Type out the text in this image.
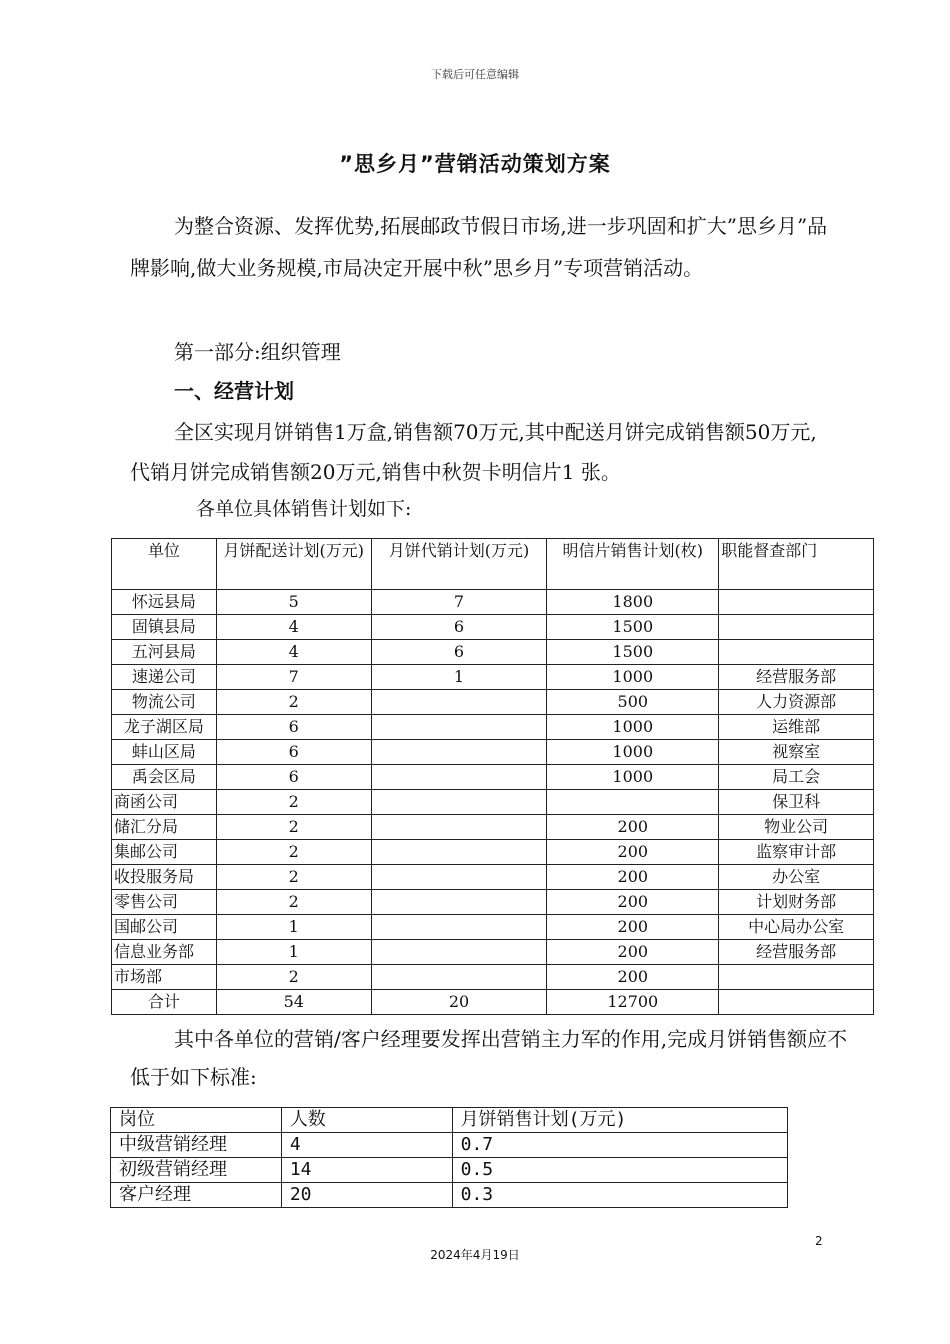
下载后可任意编辑
”思乡月”营销活动策划方案
为整合资源、发挥优势,拓展邮政节假日市场,进一步巩固和扩大”思乡月”品牌影响,做大业务规模,市局决定开展中秋”思乡月”专项营销活动。
第一部分:组织管理
一、经营计划
全区实现月饼销售1万盒,销售额70万元,其中配送月饼完成销售额50万元,代销月饼完成销售额20万元,销售中秋贺卡明信片1 张。
各单位具体销售计划如下:
单位	月饼配送计划(万元)	月饼代销计划(万元)	明信片销售计划(枚)	职能督查部门
怀远县局	5	7	1800	
固镇县局	4	6	1500	
五河县局	4	6	1500	
速递公司	7	1	1000	经营服务部
物流公司	2		500	人力资源部
龙子湖区局	6		1000	运维部
蚌山区局	6		1000	视察室
禹会区局	6		1000	局工会
商函公司	2			保卫科
储汇分局	2		200	物业公司
集邮公司	2		200	监察审计部
收投服务局	2		200	办公室
零售公司	2		200	计划财务部
国邮公司	1		200	中心局办公室
信息业务部	1		200	经营服务部
市场部	2		200	
合计	54	20	12700	
其中各单位的营销/客户经理要发挥出营销主力军的作用,完成月饼销售额应不低于如下标准:
岗位	人数	月饼销售计划(万元)
中级营销经理	4	0.7
初级营销经理	14	0.5
客户经理	20	0.3
2
2024年4月19日
